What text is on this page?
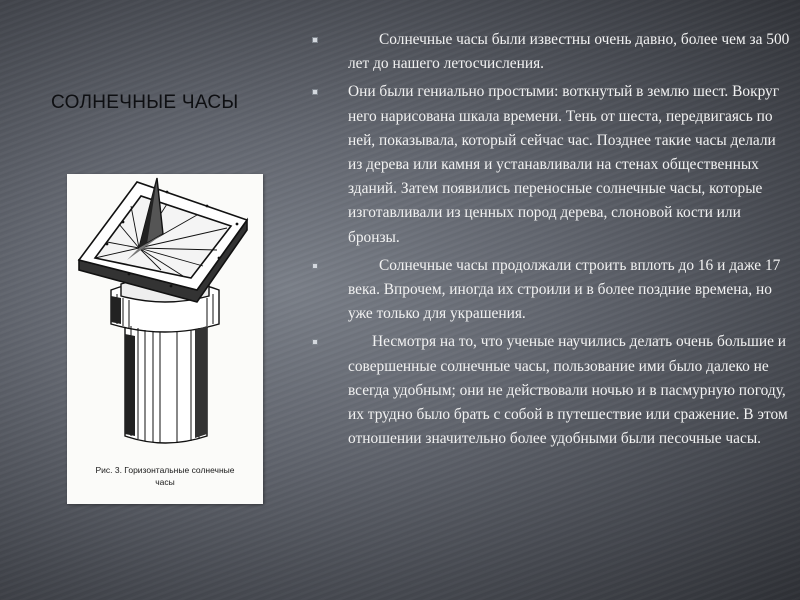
СОЛНЕЧНЫЕ ЧАСЫ
Рис. 3. Горизонтальные солнечные
часы
Солнечные часы были известны очень давно, более чем за 500 лет до нашего летосчисления.
Они были гениально простыми: воткнутый в землю шест. Вокруг него нарисована шкала времени. Тень от шеста, передвигаясь по ней, показывала, который сейчас час. Позднее такие часы делали из дерева или камня и устанавливали на стенах общественных зданий. Затем появились переносные солнечные часы, которые изготавливали из ценных пород дерева, слоновой кости или бронзы.
Солнечные часы продолжали строить вплоть до 16 и даже 17 века. Впрочем, иногда их строили и в более поздние времена, но уже только для украшения.
Несмотря на то, что ученые научились делать очень большие и совершенные солнечные часы, пользование ими было далеко не всегда удобным; они не действовали ночью и в пасмурную погоду, их трудно было брать с собой в путешествие или сражение. В этом отношении значительно более удобными были песочные часы.
